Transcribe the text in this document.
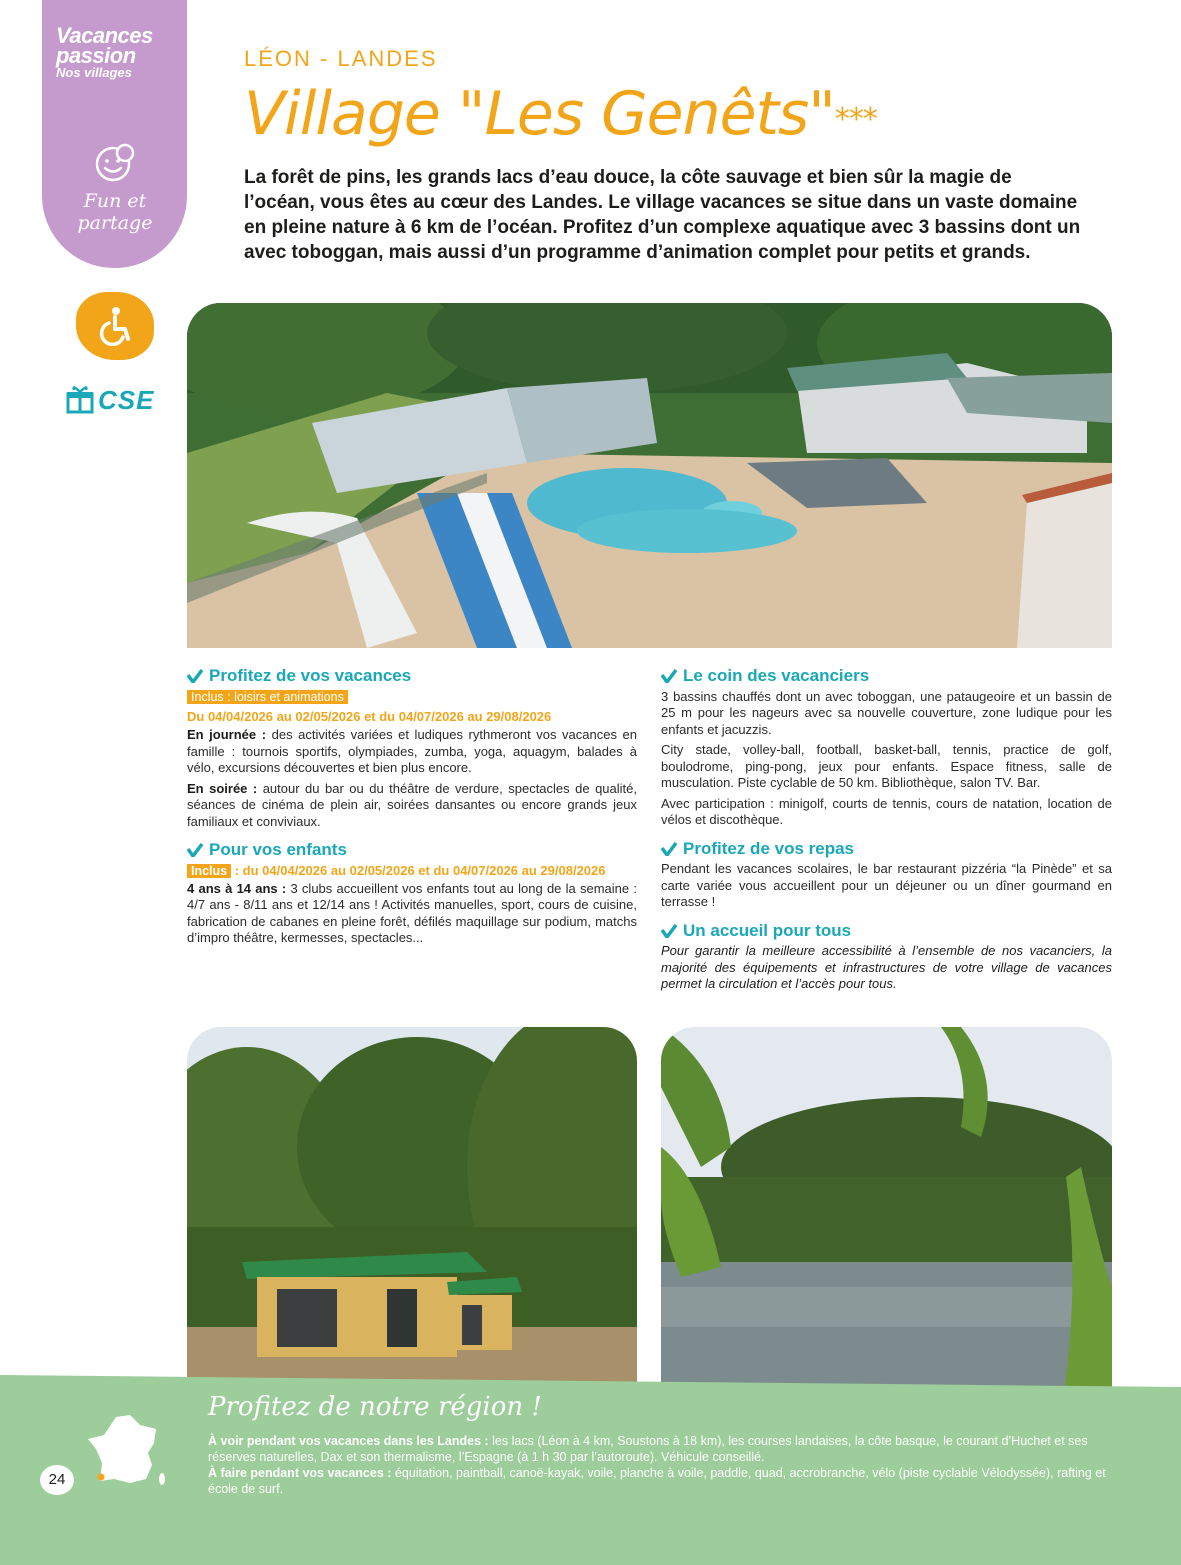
Vacances
passion
Nos villages
Fun et partage
CSE
LÉON - LANDES
Village "Les Genêts"***
La forêt de pins, les grands lacs d’eau douce, la côte sauvage et bien sûr la magie de l’océan, vous êtes au cœur des Landes. Le village vacances se situe dans un vaste domaine en pleine nature à 6 km de l’océan. Profitez d’un complexe aquatique avec 3 bassins dont un avec toboggan, mais aussi d’un programme d’animation complet pour petits et grands.
Profitez de vos vacances
Inclus : loisirs et animations
Du 04/04/2026 au 02/05/2026 et du 04/07/2026 au 29/08/2026
En journée : des activités variées et ludiques rythmeront vos vacances en famille : tournois sportifs, olympiades, zumba, yoga, aquagym, balades à vélo, excursions découvertes et bien plus encore.
En soirée : autour du bar ou du théâtre de verdure, spectacles de qualité, séances de cinéma de plein air, soirées dansantes ou encore grands jeux familiaux et conviviaux.
Pour vos enfants
Inclus : du 04/04/2026 au 02/05/2026 et du 04/07/2026 au 29/08/2026
4 ans à 14 ans : 3 clubs accueillent vos enfants tout au long de la semaine : 4/7 ans - 8/11 ans et 12/14 ans ! Activités manuelles, sport, cours de cuisine, fabrication de cabanes en pleine forêt, défilés maquillage sur podium, matchs d’impro théâtre, kermesses, spectacles...
Le coin des vacanciers
3 bassins chauffés dont un avec toboggan, une pataugeoire et un bassin de 25 m pour les nageurs avec sa nouvelle couverture, zone ludique pour les enfants et jacuzzis.
City stade, volley-ball, football, basket-ball, tennis, practice de golf, boulodrome, ping-pong, jeux pour enfants. Espace fitness, salle de musculation. Piste cyclable de 50 km. Bibliothèque, salon TV. Bar.
Avec participation : minigolf, courts de tennis, cours de natation, location de vélos et discothèque.
Profitez de vos repas
Pendant les vacances scolaires, le bar restaurant pizzéria “la Pinède” et sa carte variée vous accueillent pour un déjeuner ou un dîner gourmand en terrasse !
Un accueil pour tous
Pour garantir la meilleure accessibilité à l’ensemble de nos vacanciers, la majorité des équipements et infrastructures de votre village de vacances permet la circulation et l’accès pour tous.
Profitez de notre région !
À voir pendant vos vacances dans les Landes : les lacs (Léon à 4 km, Soustons à 18 km), les courses landaises, la côte basque, le courant d’Huchet et ses réserves naturelles, Dax et son thermalisme, l’Espagne (à 1 h 30 par l’autoroute). Véhicule conseillé.
À faire pendant vos vacances : équitation, paintball, canoë-kayak, voile, planche à voile, paddle, quad, accrobranche, vélo (piste cyclable Vélodyssée), rafting et école de surf.
24
